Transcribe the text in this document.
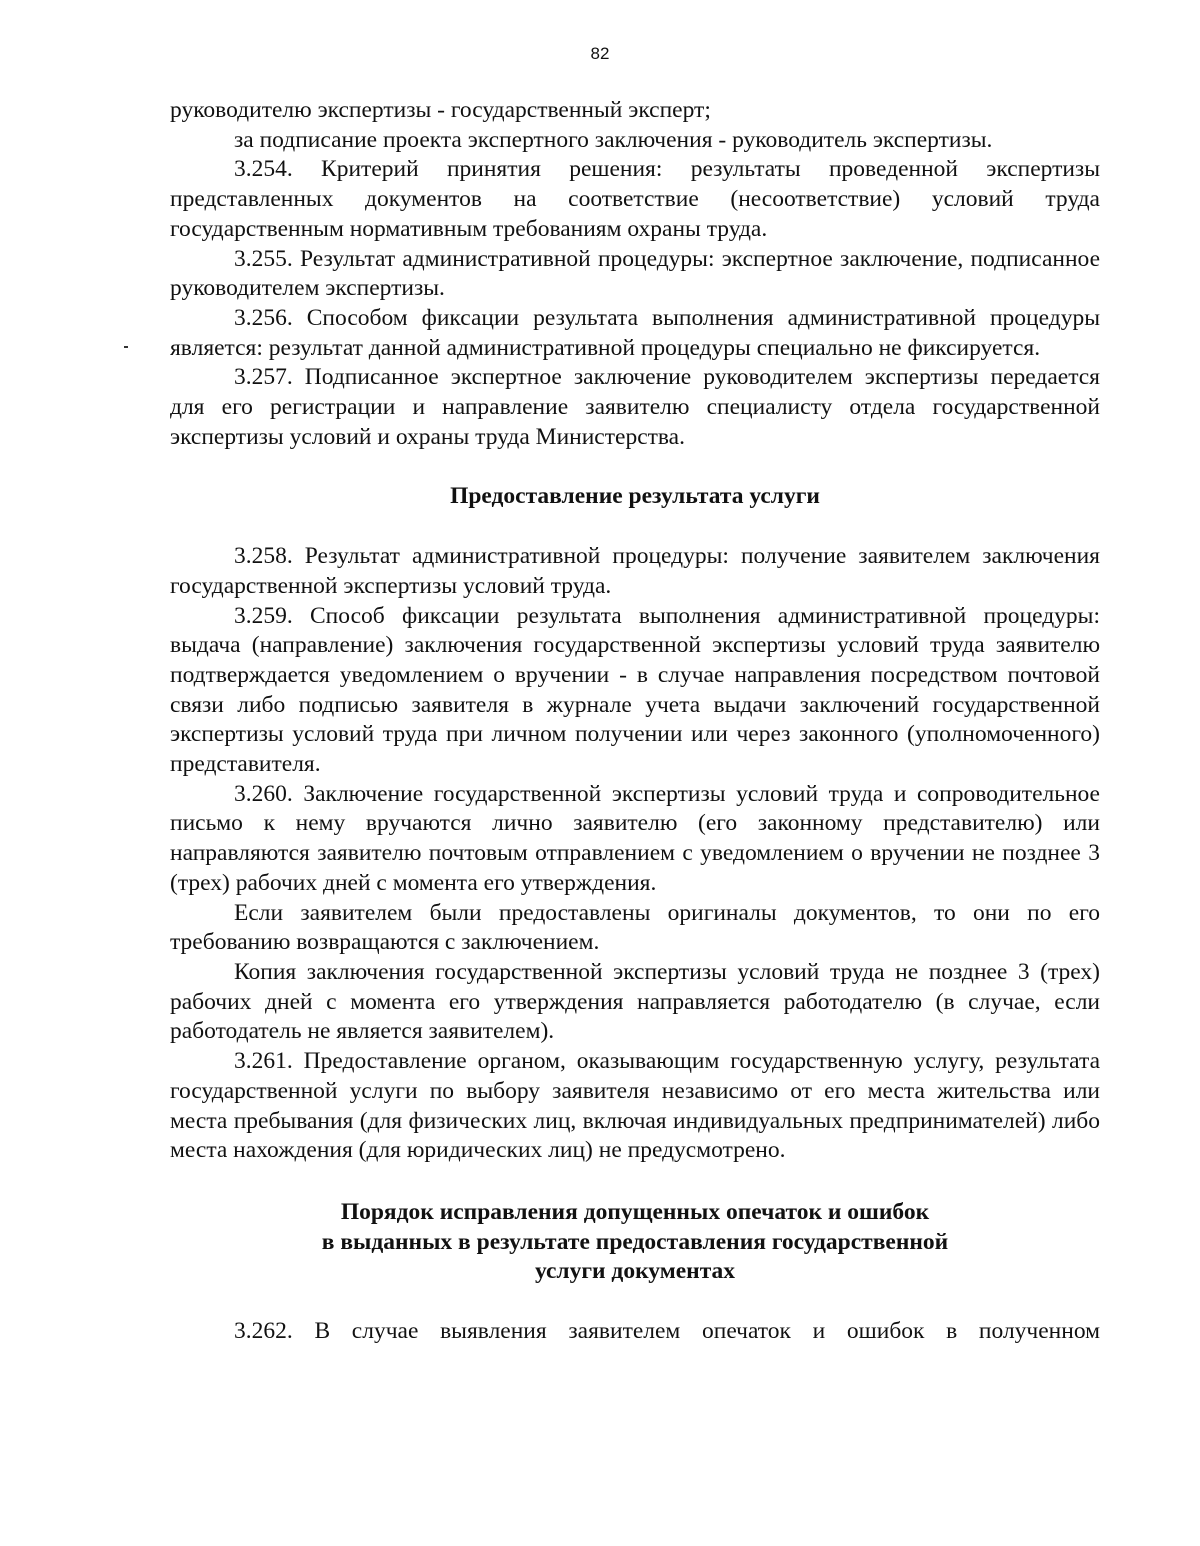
82

руководителю экспертизы - государственный эксперт;

за подписание проекта экспертного заключения - руководитель экспертизы.

3.254. Критерий принятия решения: результаты проведенной экспертизы представленных документов на соответствие (несоответствие) условий труда государственным нормативным требованиям охраны труда.

3.255. Результат административной процедуры: экспертное заключение, подписанное руководителем экспертизы.

3.256. Способом фиксации результата выполнения административной процедуры является: результат данной административной процедуры специально не фиксируется.

3.257. Подписанное экспертное заключение руководителем экспертизы передается для его регистрации и направление заявителю специалисту отдела государственной экспертизы условий и охраны труда Министерства.

Предоставление результата услуги

3.258. Результат административной процедуры: получение заявителем заключения государственной экспертизы условий труда.

3.259. Способ фиксации результата выполнения административной процедуры: выдача (направление) заключения государственной экспертизы условий труда заявителю подтверждается уведомлением о вручении - в случае направления посредством почтовой связи либо подписью заявителя в журнале учета выдачи заключений государственной экспертизы условий труда при личном получении или через законного (уполномоченного) представителя.

3.260. Заключение государственной экспертизы условий труда и сопроводительное письмо к нему вручаются лично заявителю (его законному представителю) или направляются заявителю почтовым отправлением с уведомлением о вручении не позднее 3 (трех) рабочих дней с момента его утверждения.

Если заявителем были предоставлены оригиналы документов, то они по его требованию возвращаются с заключением.

Копия заключения государственной экспертизы условий труда не позднее 3 (трех) рабочих дней с момента его утверждения направляется работодателю (в случае, если работодатель не является заявителем).

3.261. Предоставление органом, оказывающим государственную услугу, результата государственной услуги по выбору заявителя независимо от его места жительства или места пребывания (для физических лиц, включая индивидуальных предпринимателей) либо места нахождения (для юридических лиц) не предусмотрено.

Порядок исправления допущенных опечаток и ошибок
в выданных в результате предоставления государственной
услуги документах

3.262. В случае выявления заявителем опечаток и ошибок в полученном
